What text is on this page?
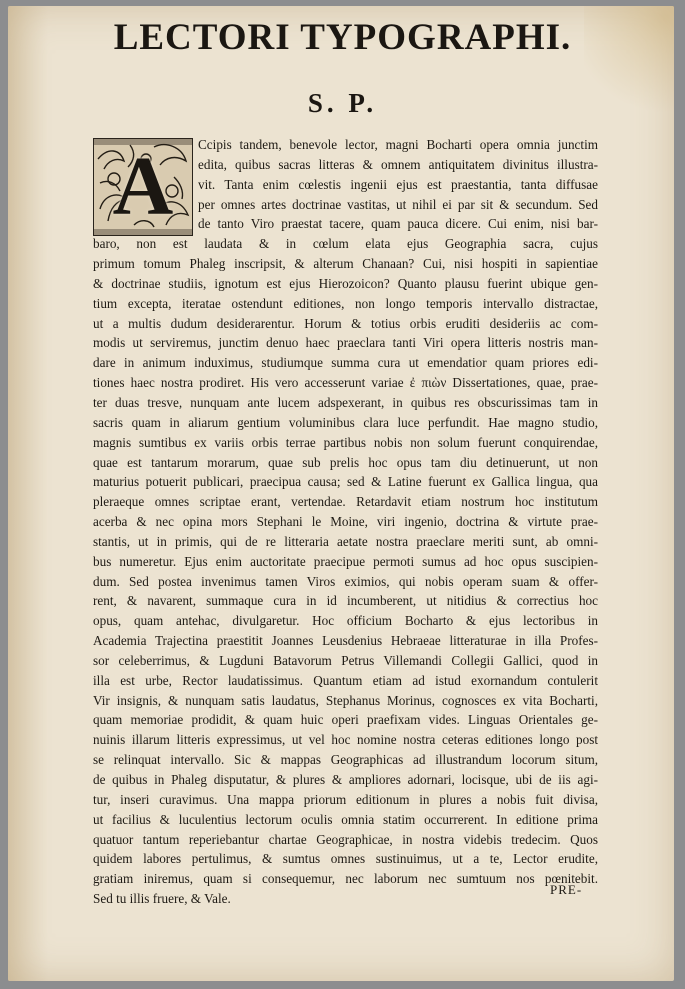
LECTORI TYPOGRAPHI.
S. P.
A	Ccipis tandem, benevole lector, magni Bocharti opera omnia junctim
edita, quibus sacras litteras & omnem antiquitatem divinitus illustra-
vit. Tanta enim cœlestis ingenii ejus est praestantia, tanta diffusae
per omnes artes doctrinae vastitas, ut nihil ei par sit & secundum. Sed
de tanto Viro praestat tacere, quam pauca dicere. Cui enim, nisi bar-
baro, non est laudata & in cœlum elata ejus Geographia sacra, cujus
primum tomum Phaleg inscripsit, & alterum Chanaan? Cui, nisi hospiti in sapientiae
& doctrinae studiis, ignotum est ejus Hierozoicon? Quanto plausu fuerint ubique gen-
tium excepta, iteratae ostendunt editiones, non longo temporis intervallo distractae,
ut a multis dudum desiderarentur. Horum & totius orbis eruditi desideriis ac com-
modis ut serviremus, junctim denuo haec praeclara tanti Viri opera litteris nostris man-
dare in animum induximus, studiumque summa cura ut emendatior quam priores edi-
tiones haec nostra prodiret. His vero accesserunt variae ἐ πιὼν Dissertationes, quae, prae-
ter duas tresve, nunquam ante lucem adspexerant, in quibus res obscurissimas tam in
sacris quam in aliarum gentium voluminibus clara luce perfundit. Hae magno studio,
magnis sumtibus ex variis orbis terrae partibus nobis non solum fuerunt conquirendae,
quae est tantarum morarum, quae sub prelis hoc opus tam diu detinuerunt, ut non
maturius potuerit publicari, praecipua causa; sed & Latine fuerunt ex Gallica lingua, qua
pleraeque omnes scriptae erant, vertendae. Retardavit etiam nostrum hoc institutum
acerba & nec opina mors Stephani le Moine, viri ingenio, doctrina & virtute prae-
stantis, ut in primis, qui de re litteraria aetate nostra praeclare meriti sunt, ab omni-
bus numeretur. Ejus enim auctoritate praecipue permoti sumus ad hoc opus suscipien-
dum. Sed postea invenimus tamen Viros eximios, qui nobis operam suam & offer-
rent, & navarent, summaque cura in id incumberent, ut nitidius & correctius hoc
opus, quam antehac, divulgaretur. Hoc officium Bocharto & ejus lectoribus in
Academia Trajectina praestitit Joannes Leusdenius Hebraeae litteraturae in illa Profes-
sor celeberrimus, & Lugduni Batavorum Petrus Villemandi Collegii Gallici, quod in
illa est urbe, Rector laudatissimus. Quantum etiam ad istud exornandum contulerit
Vir insignis, & nunquam satis laudatus, Stephanus Morinus, cognosces ex vita Bocharti,
quam memoriae prodidit, & quam huic operi praefixam vides. Linguas Orientales ge-
nuinis illarum litteris expressimus, ut vel hoc nomine nostra ceteras editiones longo post
se relinquat intervallo. Sic & mappas Geographicas ad illustrandum locorum situm,
de quibus in Phaleg disputatur, & plures & ampliores adornari, locisque, ubi de iis agi-
tur, inseri curavimus. Una mappa priorum editionum in plures a nobis fuit divisa,
ut facilius & luculentius lectorum oculis omnia statim occurrerent. In editione prima
quatuor tantum reperiebantur chartae Geographicae, in nostra videbis tredecim. Quos
quidem labores pertulimus, & sumtus omnes sustinuimus, ut a te, Lector erudite,
gratiam iniremus, quam si consequemur, nec laborum nec sumtuum nos pœnitebit.
Sed tu illis fruere, & Vale.
PRE-
